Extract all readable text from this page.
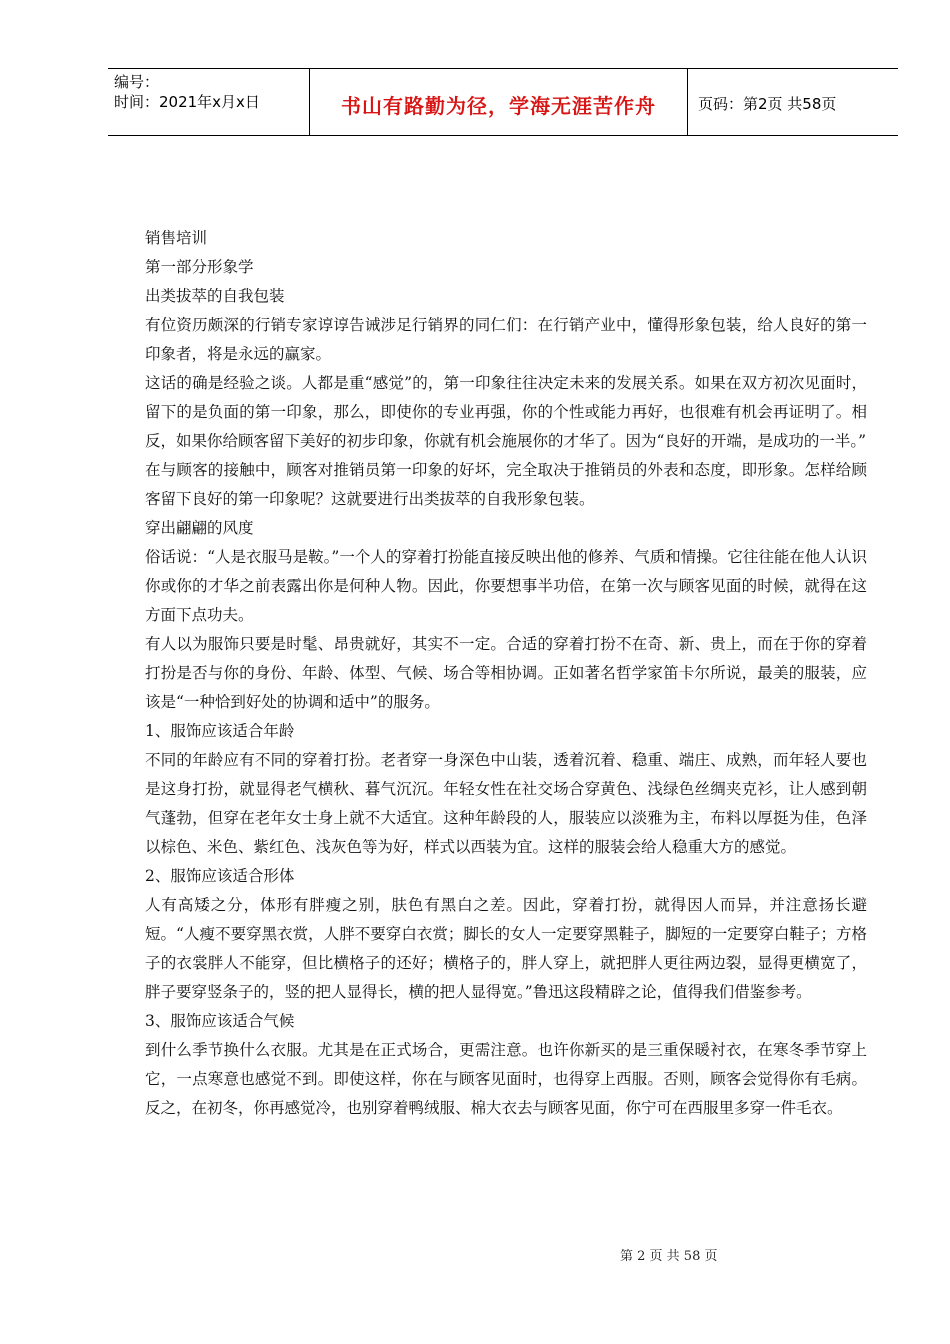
编号：
时间：2021年x月x日	书山有路勤为径，学海无涯苦作舟	页码：第2页 共58页

销售培训

第一部分形象学

出类拔萃的自我包装

有位资历颇深的行销专家谆谆告诫涉足行销界的同仁们：在行销产业中，懂得形象包装，给人良好的第一印象者，将是永远的赢家。

这话的确是经验之谈。人都是重“感觉”的，第一印象往往决定未来的发展关系。如果在双方初次见面时，留下的是负面的第一印象，那么，即使你的专业再强，你的个性或能力再好，也很难有机会再证明了。相反，如果你给顾客留下美好的初步印象，你就有机会施展你的才华了。因为“良好的开端，是成功的一半。”

在与顾客的接触中，顾客对推销员第一印象的好坏，完全取决于推销员的外表和态度，即形象。怎样给顾客留下良好的第一印象呢？这就要进行出类拔萃的自我形象包装。

穿出翩翩的风度

俗话说：“人是衣服马是鞍。”一个人的穿着打扮能直接反映出他的修养、气质和情操。它往往能在他人认识你或你的才华之前表露出你是何种人物。因此，你要想事半功倍，在第一次与顾客见面的时候，就得在这方面下点功夫。

有人以为服饰只要是时髦、昂贵就好，其实不一定。合适的穿着打扮不在奇、新、贵上，而在于你的穿着打扮是否与你的身份、年龄、体型、气候、场合等相协调。正如著名哲学家笛卡尔所说，最美的服装，应该是“一种恰到好处的协调和适中”的服务。

1、服饰应该适合年龄

不同的年龄应有不同的穿着打扮。老者穿一身深色中山装，透着沉着、稳重、端庄、成熟，而年轻人要也是这身打扮，就显得老气横秋、暮气沉沉。年轻女性在社交场合穿黄色、浅绿色丝绸夹克衫，让人感到朝气蓬勃，但穿在老年女士身上就不大适宜。这种年龄段的人，服装应以淡雅为主，布料以厚挺为佳，色泽以棕色、米色、紫红色、浅灰色等为好，样式以西装为宜。这样的服装会给人稳重大方的感觉。

2、服饰应该适合形体

人有高矮之分，体形有胖瘦之别，肤色有黑白之差。因此，穿着打扮，就得因人而异，并注意扬长避短。“人瘦不要穿黑衣赏，人胖不要穿白衣赏；脚长的女人一定要穿黑鞋子，脚短的一定要穿白鞋子；方格子的衣裳胖人不能穿，但比横格子的还好；横格子的，胖人穿上，就把胖人更往两边裂，显得更横宽了，胖子要穿竖条子的，竖的把人显得长，横的把人显得宽。”鲁迅这段精辟之论，值得我们借鉴参考。

3、服饰应该适合气候

到什么季节换什么衣服。尤其是在正式场合，更需注意。也许你新买的是三重保暖衬衣，在寒冬季节穿上它，一点寒意也感觉不到。即使这样，你在与顾客见面时，也得穿上西服。否则，顾客会觉得你有毛病。反之，在初冬，你再感觉冷，也别穿着鸭绒服、棉大衣去与顾客见面，你宁可在西服里多穿一件毛衣。

第 2 页 共 58 页
